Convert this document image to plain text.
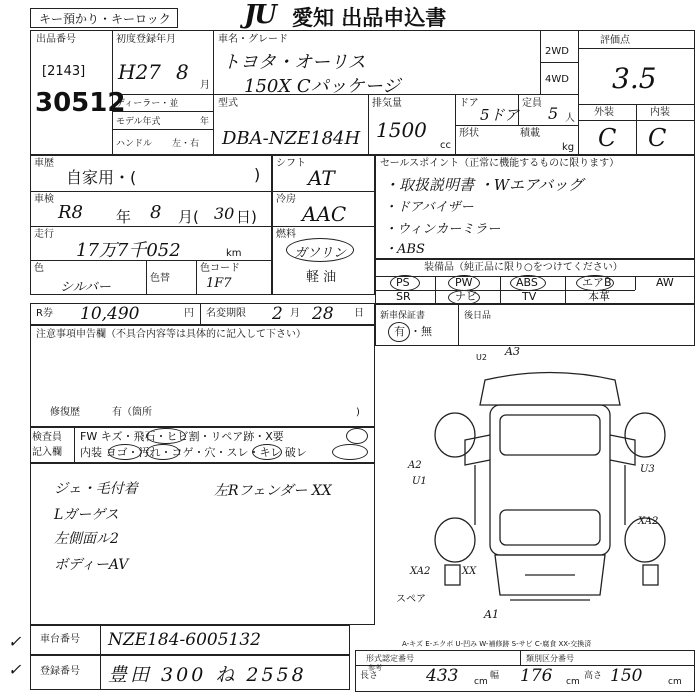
キー預かり・キーロック	JU 愛知 出品申込書
出品番号
[2143]
30512
初度登録年月
H27 8
月
車名・グレード
トヨタ・オーリス
150X Cパッケージ
2WD
4WD
評価点
3.5
外装	内装
C C
ディーラー・並
モデル年式	年
ハンドル 左・右
型式
DBA-NZE184H
排気量
1500
cc
ドア
5ドア
定員
5 人
形状	積載
kg
車歴
自家用・(	)
車検
R8 年 8 月( 30 日)
走行
17万7千052	km
色
シルバー
色替
色コード
1F7
シフト
AT
冷房
AAC
燃料
ガソリン
軽 油
セールスポイント（正常に機能するものに限ります）
・取扱説明書 ・Wエアバッグ
・ドアバイザー
・ウィンカーミラー
・ABS
装備品（純正品に限り○をつけてください）
PS	PW	ABS	エアB	AW
SR	ナビ	TV	本革
R券 10,490	円 名変期限 2 月 28 日 新車保証書
有 ・無
後日品
注意事項申告欄（不具合内容等は具体的に記入して下さい）
修復歴	有（箇所	)
検査員
記入欄
FW キズ・飛石・ヒビ割・リペア跡・X要
内装 ヨゴ・汚れ・コゲ・穴・スレ・キレ 破レ
ジェ・毛付着
Lガーゲス
左側面ル2
ボディーAV
左Rフェンダー XX
U2 A3
A2
U1
U3
XA2
XA2	XX
A1
スペア
A-キズ E-エクボ U-凹み W-補修跡 S-サビ C-腐食 XX-交換済
車台番号 NZE184-6005132
登録番号 豊田 300 ね 2558
✓
✓
形式認定番号
参考
類別区分番号
長さ	433 cm
幅 176 cm
高さ 150	cm
